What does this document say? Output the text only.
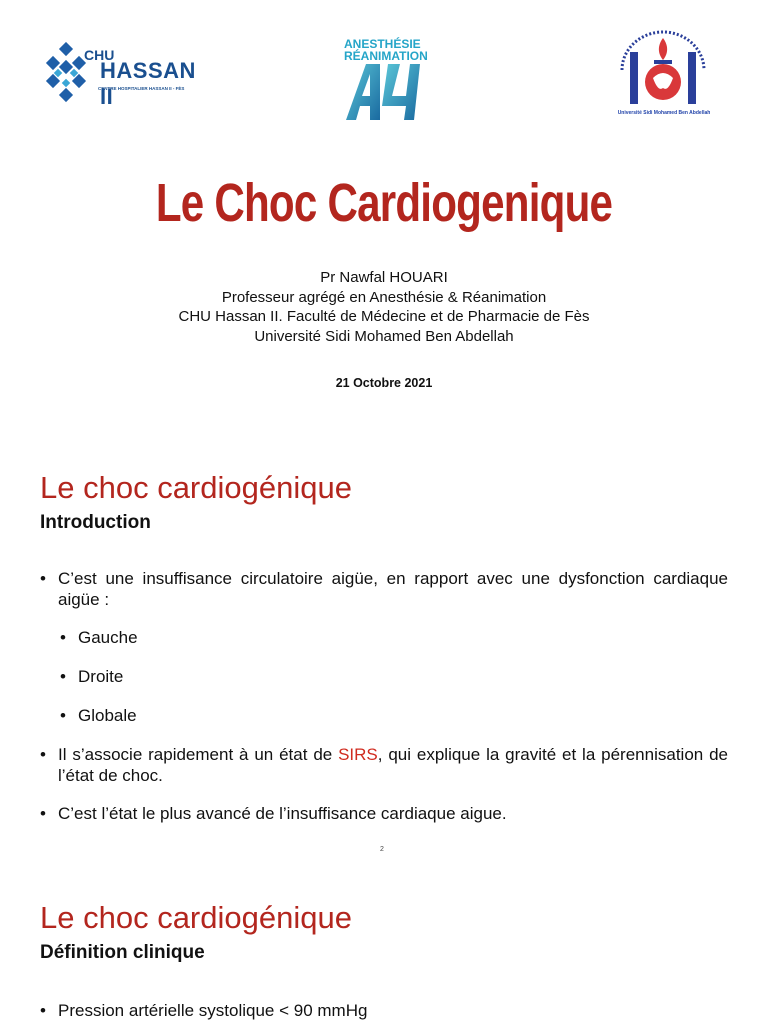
CHU
HASSAN II
CENTRE HOSPITALIER HASSAN II - FÈS
ANESTHÉSIE
RÉANIMATION
Université Sidi Mohamed Ben Abdellah
Le Choc Cardiogenique
Pr Nawfal HOUARI
Professeur agrégé en Anesthésie & Réanimation
CHU Hassan II. Faculté de Médecine et de Pharmacie de Fès
Université Sidi Mohamed Ben Abdellah
21 Octobre 2021
Le choc cardiogénique
Introduction
• C’est une insuffisance circulatoire aigüe, en rapport avec une dysfonction cardiaque aigüe :
• Gauche
• Droite
• Globale
• Il s’associe rapidement à un état de SIRS, qui explique la gravité et la pérennisation de l’état de choc.
• C’est l’état le plus avancé de l’insuffisance cardiaque aigue.
2
Le choc cardiogénique
Définition clinique
• Pression artérielle systolique < 90 mmHg
